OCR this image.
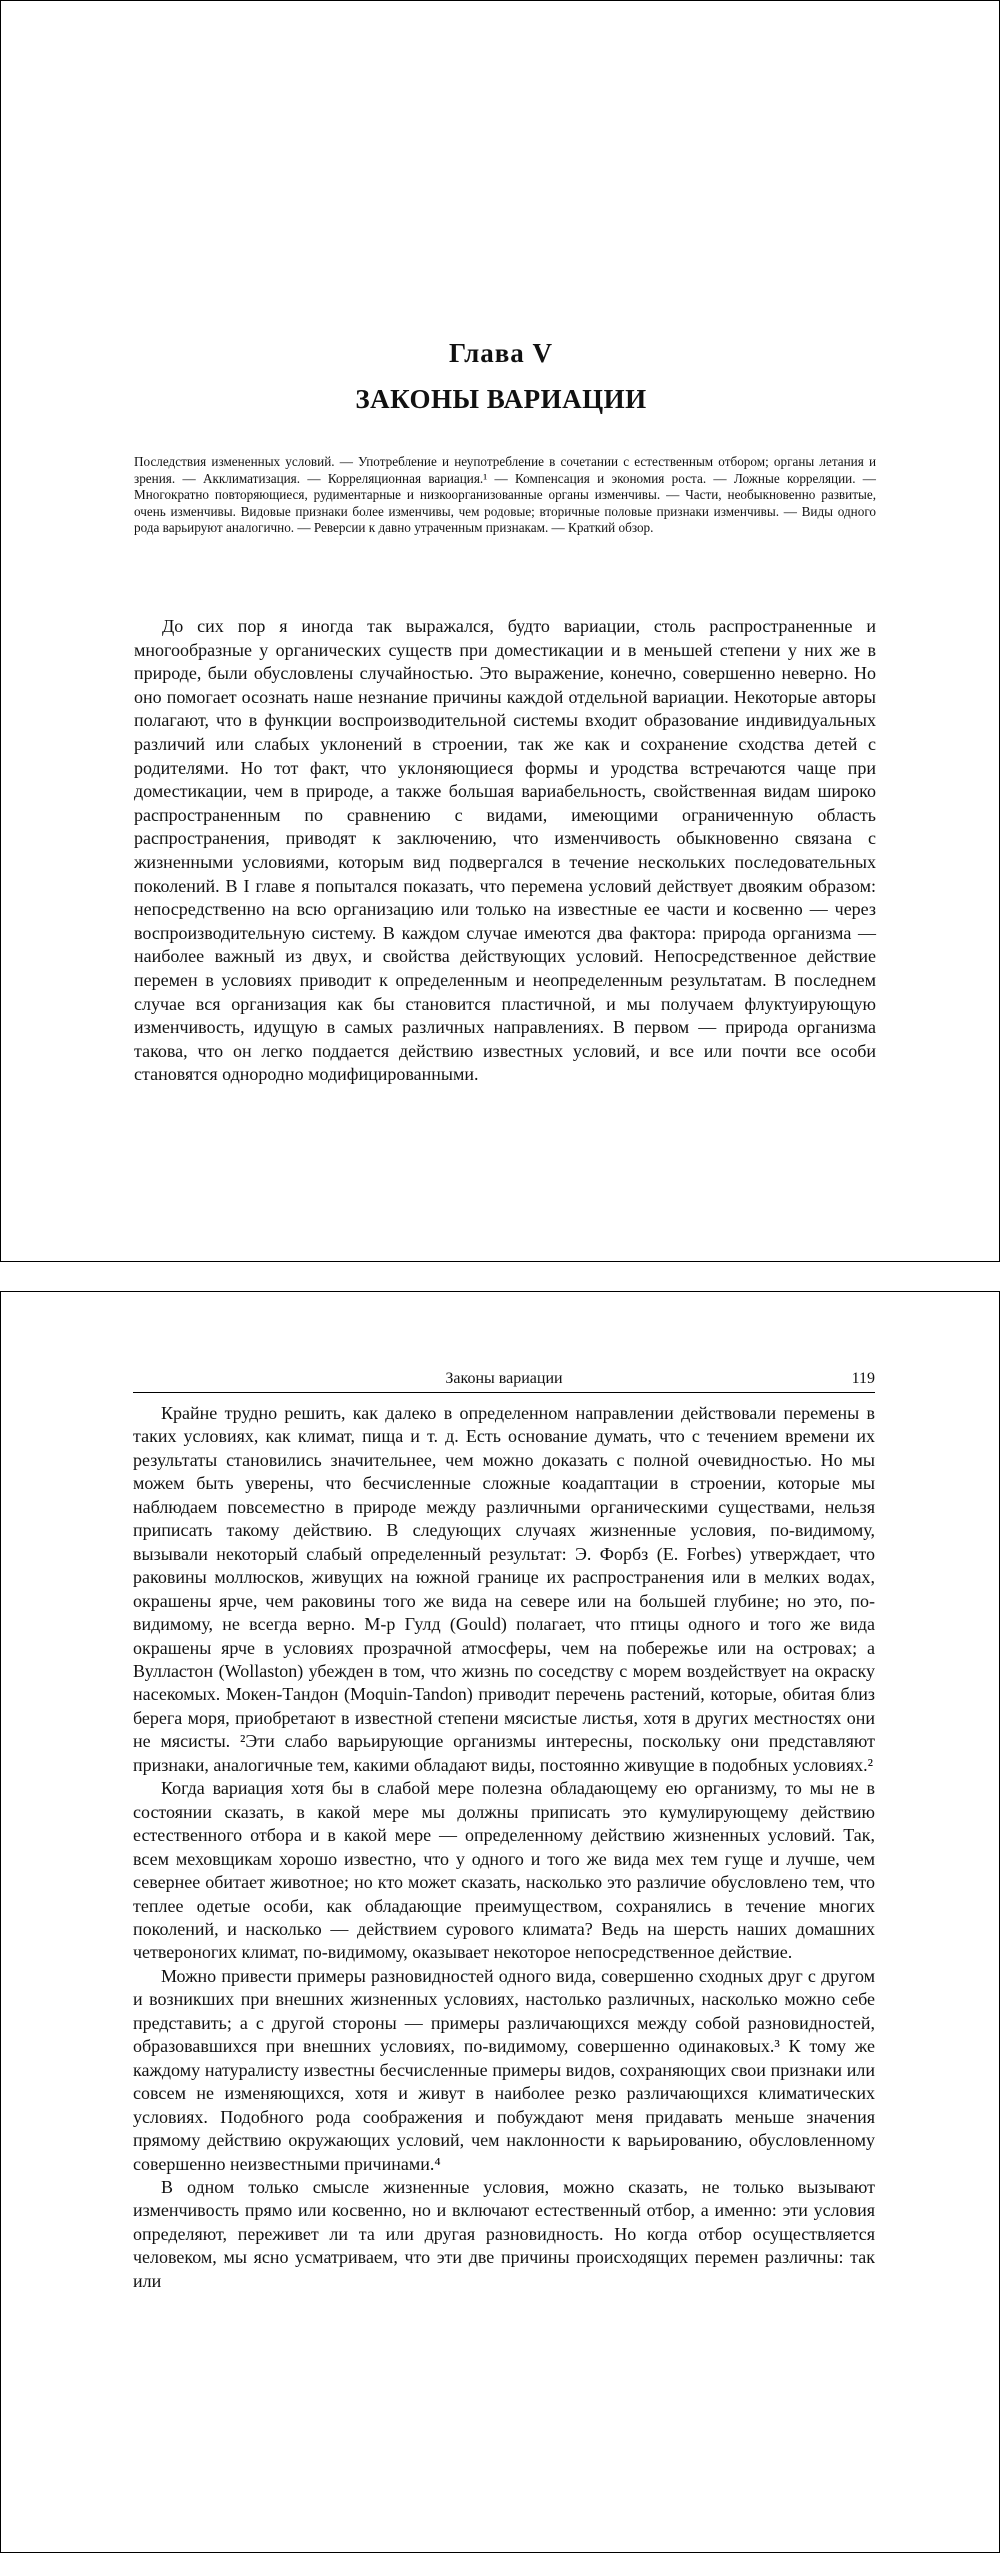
Глава V
ЗАКОНЫ ВАРИАЦИИ
Последствия измененных условий. — Употребление и неупотребление в сочетании с естественным отбором; органы летания и зрения. — Акклиматизация. — Корреляционная вариация.¹ — Компенсация и экономия роста. — Ложные корреляции. — Многократно повторяющиеся, рудиментарные и низкоорганизованные органы изменчивы. — Части, необыкновенно развитые, очень изменчивы. Видовые признаки более изменчивы, чем родовые; вторичные половые признаки изменчивы. — Виды одного рода варьируют аналогично. — Реверсии к давно утраченным признакам. — Краткий обзор.

До сих пор я иногда так выражался, будто вариации, столь распространенные и многообразные у органических существ при доместикации и в меньшей степени у них же в природе, были обусловлены случайностью. Это выражение, конечно, совершенно неверно. Но оно помогает осознать наше незнание причины каждой отдельной вариации. Некоторые авторы полагают, что в функции воспроизводительной системы входит образование индивидуальных различий или слабых уклонений в строении, так же как и сохранение сходства детей с родителями. Но тот факт, что уклоняющиеся формы и уродства встречаются чаще при доместикации, чем в природе, а также большая вариабельность, свойственная видам широко распространенным по сравнению с видами, имеющими ограниченную область распространения, приводят к заключению, что изменчивость обыкновенно связана с жизненными условиями, которым вид подвергался в течение нескольких последовательных поколений. В I главе я попытался показать, что перемена условий действует двояким образом: непосредственно на всю организацию или только на известные ее части и косвенно — через воспроизводительную систему. В каждом случае имеются два фактора: природа организма — наиболее важный из двух, и свойства действующих условий. Непосредственное действие перемен в условиях приводит к определенным и неопределенным результатам. В последнем случае вся организация как бы становится пластичной, и мы получаем флуктуирующую изменчивость, идущую в самых различных направлениях. В первом — природа организма такова, что он легко поддается действию известных условий, и все или почти все особи становятся однородно модифицированными.

Законы вариации	119

Крайне трудно решить, как далеко в определенном направлении действовали перемены в таких условиях, как климат, пища и т. д. Есть основание думать, что с течением времени их результаты становились значительнее, чем можно доказать с полной очевидностью. Но мы можем быть уверены, что бесчисленные сложные коадаптации в строении, которые мы наблюдаем повсеместно в природе между различными органическими существами, нельзя приписать такому действию. В следующих случаях жизненные условия, по-видимому, вызывали некоторый слабый определенный результат: Э. Форбз (E. Forbes) утверждает, что раковины моллюсков, живущих на южной границе их распространения или в мелких водах, окрашены ярче, чем раковины того же вида на севере или на большей глубине; но это, по-видимому, не всегда верно. М-р Гулд (Gould) полагает, что птицы одного и того же вида окрашены ярче в условиях прозрачной атмосферы, чем на побережье или на островах; а Вулластон (Wollaston) убежден в том, что жизнь по соседству с морем воздействует на окраску насекомых. Мокен-Тандон (Moquin-Tandon) приводит перечень растений, которые, обитая близ берега моря, приобретают в известной степени мясистые листья, хотя в других местностях они не мясисты. ²Эти слабо варьирующие организмы интересны, поскольку они представляют признаки, аналогичные тем, какими обладают виды, постоянно живущие в подобных условиях.²

Когда вариация хотя бы в слабой мере полезна обладающему ею организму, то мы не в состоянии сказать, в какой мере мы должны приписать это кумулирующему действию естественного отбора и в какой мере — определенному действию жизненных условий. Так, всем меховщикам хорошо известно, что у одного и того же вида мех тем гуще и лучше, чем севернее обитает животное; но кто может сказать, насколько это различие обусловлено тем, что теплее одетые особи, как обладающие преимуществом, сохранялись в течение многих поколений, и насколько — действием сурового климата? Ведь на шерсть наших домашних четвероногих климат, по-видимому, оказывает некоторое непосредственное действие.

Можно привести примеры разновидностей одного вида, совершенно сходных друг с другом и возникших при внешних жизненных условиях, настолько различных, насколько можно себе представить; а с другой стороны — примеры различающихся между собой разновидностей, образовавшихся при внешних условиях, по-видимому, совершенно одинаковых.³ К тому же каждому натуралисту известны бесчисленные примеры видов, сохраняющих свои признаки или совсем не изменяющихся, хотя и живут в наиболее резко различающихся климатических условиях. Подобного рода соображения и побуждают меня придавать меньше значения прямому действию окружающих условий, чем наклонности к варьированию, обусловленному совершенно неизвестными причинами.⁴

В одном только смысле жизненные условия, можно сказать, не только вызывают изменчивость прямо или косвенно, но и включают естественный отбор, а именно: эти условия определяют, переживет ли та или другая разновидность. Но когда отбор осуществляется человеком, мы ясно усматриваем, что эти две причины происходящих перемен различны: так или
